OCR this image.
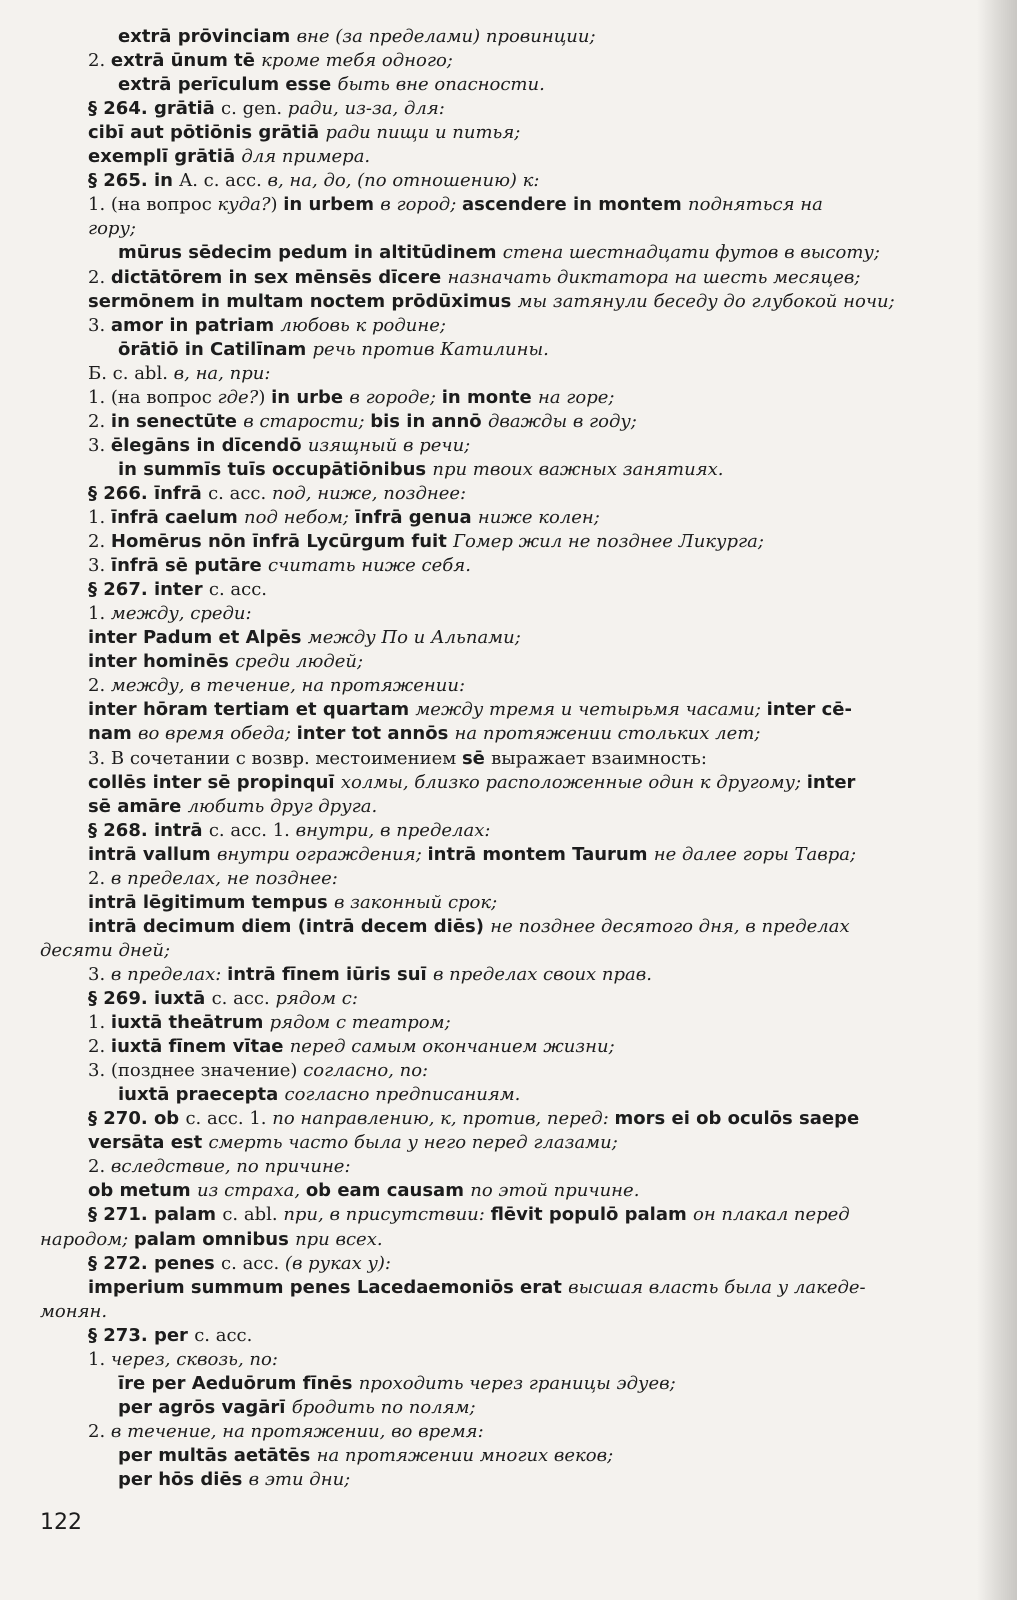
extrā prōvinciam вне (за пределами) провинции;
2. extrā ūnum tē кроме тебя одного;
extrā perīculum esse быть вне опасности.
§ 264. grātiā c. gen. ради, из-за, для:
cibī aut pōtiōnis grātiā ради пищи и питья;
exemplī grātiā для примера.
§ 265. in A. c. acc. в, на, до, (по отношению) к:
1. (на вопрос куда?) in urbem в город; ascendere in montem подняться на
гору;
mūrus sēdecim pedum in altitūdinem стена шестнадцати футов в высоту;
2. dictātōrem in sex mēnsēs dīcere назначать диктатора на шесть месяцев;
sermōnem in multam noctem prōdūximus мы затянули беседу до глубокой ночи;
3. amor in patriam любовь к родине;
ōrātiō in Catilīnam речь против Катилины.
Б. c. abl. в, на, при:
1. (на вопрос где?) in urbe в городе; in monte на горе;
2. in senectūte в старости; bis in annō дважды в году;
3. ēlegāns in dīcendō изящный в речи;
in summīs tuīs occupātiōnibus при твоих важных занятиях.
§ 266. īnfrā c. acc. под, ниже, позднее:
1. īnfrā caelum под небом; īnfrā genua ниже колен;
2. Homērus nōn īnfrā Lycūrgum fuit Гомер жил не позднее Ликурга;
3. īnfrā sē putāre считать ниже себя.
§ 267. inter c. acc.
1. между, среди:
inter Padum et Alpēs между По и Альпами;
inter hominēs среди людей;
2. между, в течение, на протяжении:
inter hōram tertiam et quartam между тремя и четырьмя часами; inter cē-
nam во время обеда; inter tot annōs на протяжении стольких лет;
3. В сочетании с возвр. местоимением sē выражает взаимность:
collēs inter sē propinquī холмы, близко расположенные один к другому; inter
sē amāre любить друг друга.
§ 268. intrā c. acc. 1. внутри, в пределах:
intrā vallum внутри ограждения; intrā montem Taurum не далее горы Тавра;
2. в пределах, не позднее:
intrā lēgitimum tempus в законный срок;
intrā decimum diem (intrā decem diēs) не позднее десятого дня, в пределах
десяти дней;
3. в пределах: intrā fīnem iūris suī в пределах своих прав.
§ 269. iuxtā c. acc. рядом с:
1. iuxtā theātrum рядом с театром;
2. iuxtā fīnem vītae перед самым окончанием жизни;
3. (позднее значение) согласно, по:
iuxtā praecepta согласно предписаниям.
§ 270. ob c. acc. 1. по направлению, к, против, перед: mors ei ob oculōs saepe
versāta est смерть часто была у него перед глазами;
2. вследствие, по причине:
ob metum из страха, ob eam causam по этой причине.
§ 271. palam c. abl. при, в присутствии: flēvit populō palam он плакал перед
народом; palam omnibus при всех.
§ 272. penes c. acc. (в руках у):
imperium summum penes Lacedaemoniōs erat высшая власть была у лакеде-
монян.
§ 273. per c. acc.
1. через, сквозь, по:
īre per Aeduōrum fīnēs проходить через границы эдуев;
per agrōs vagārī бродить по полям;
2. в течение, на протяжении, во время:
per multās aetātēs на протяжении многих веков;
per hōs diēs в эти дни;
122
